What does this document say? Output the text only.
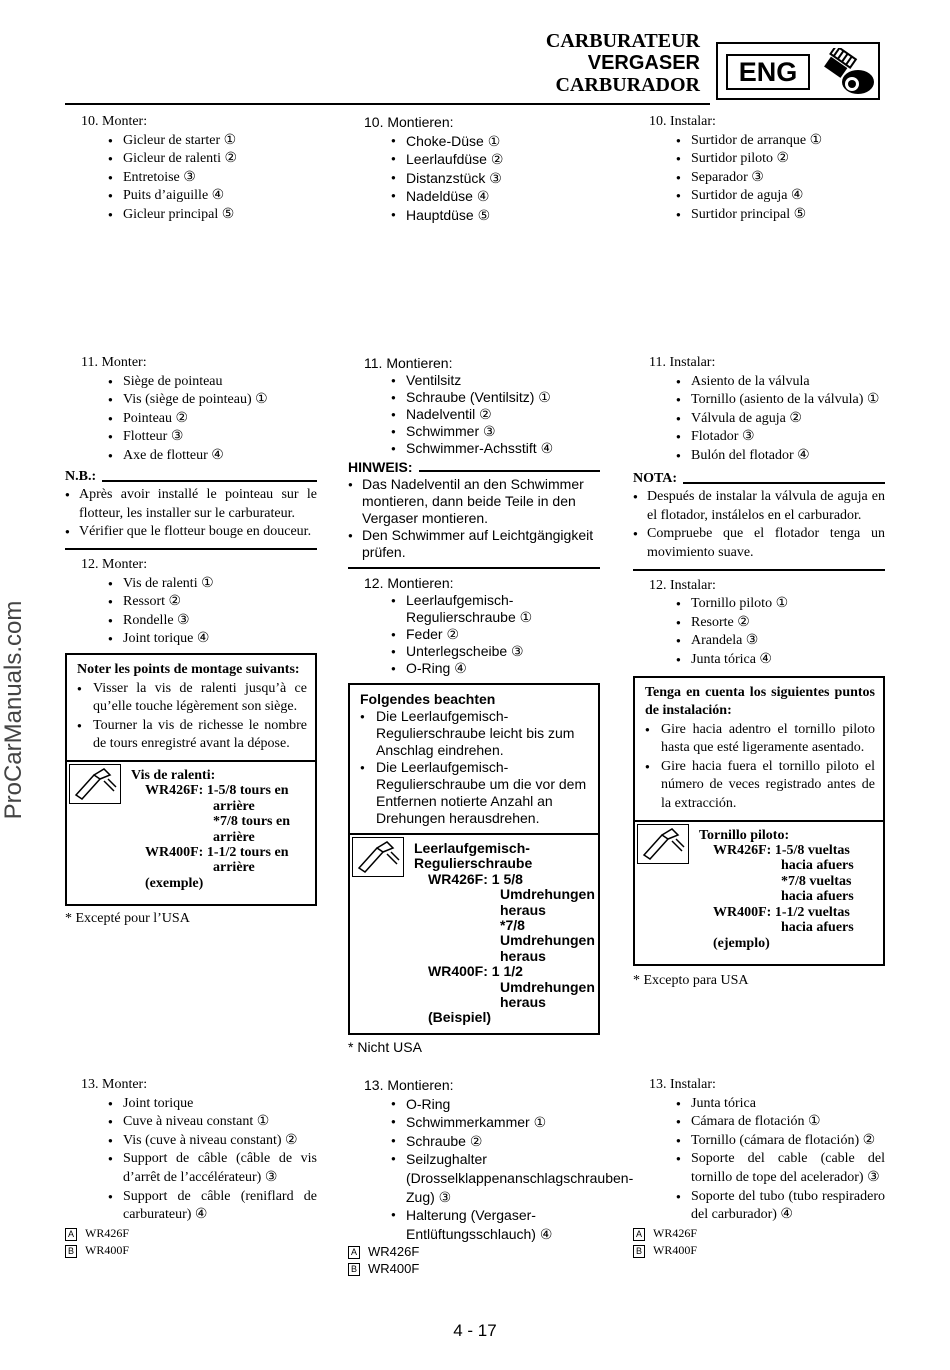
CARBURATEUR
VERGASER
CARBURADOR	ENG
ProCarManuals.com
10. Monter:
● Gicleur de starter ①
● Gicleur de ralenti ②
● Entretoise ③
● Puits d’aiguille ④
● Gicleur principal ⑤
11. Monter:
● Siège de pointeau
● Vis (siège de pointeau) ①
● Pointeau ②
● Flotteur ③
● Axe de flotteur ④
N.B.:
● Après avoir installé le pointeau sur le flotteur, les installer sur le carburateur.
● Vérifier que le flotteur bouge en douceur.
12. Monter:
● Vis de ralenti ①
● Ressort ②
● Rondelle ③
● Joint torique ④
Noter les points de montage suivants:
● Visser la vis de ralenti jusqu’à ce qu’elle touche légèrement son siège.
● Tourner la vis de richesse le nombre de tours enregistré avant la dépose.
Vis de ralenti:
WR426F: 1-5/8 tours en
arrière
*7/8 tours en
arrière
WR400F: 1-1/2 tours en
arrière
(exemple)
* Excepté pour l’USA
13. Monter:
● Joint torique
● Cuve à niveau constant ①
● Vis (cuve à niveau constant) ②
● Support de câble (câble de vis d’arrêt de l’accélérateur) ③
● Support de câble (reniflard de carburateur) ④
A WR426F
B WR400F
10. Montieren:
● Choke-Düse ①
● Leerlaufdüse ②
● Distanzstück ③
● Nadeldüse ④
● Hauptdüse ⑤
11. Montieren:
● Ventilsitz
● Schraube (Ventilsitz) ①
● Nadelventil ②
● Schwimmer ③
● Schwimmer-Achsstift ④
HINWEIS:
● Das Nadelventil an den Schwimmer montieren, dann beide Teile in den Vergaser montieren.
● Den Schwimmer auf Leichtgängigkeit prüfen.
12. Montieren:
● Leerlaufgemisch-Regulierschraube ①
● Feder ②
● Unterlegscheibe ③
● O-Ring ④
Folgendes beachten
● Die Leerlaufgemisch-Regulierschraube leicht bis zum Anschlag eindrehen.
● Die Leerlaufgemisch-Regulierschraube um die vor dem Entfernen notierte Anzahl an Drehungen herausdrehen.
Leerlaufgemisch-Regulierschraube
WR426F: 1 5/8
Umdrehungen heraus
*7/8 Umdrehungen heraus
WR400F: 1 1/2
Umdrehungen heraus
(Beispiel)
* Nicht USA
13. Montieren:
● O-Ring
● Schwimmerkammer ①
● Schraube ②
● Seilzughalter (Drosselklappenanschlagschrauben-Zug) ③
● Halterung (Vergaser-Entlüftungsschlauch) ④
A WR426F
B WR400F
10. Instalar:
● Surtidor de arranque ①
● Surtidor piloto ②
● Separador ③
● Surtidor de aguja ④
● Surtidor principal ⑤
11. Instalar:
● Asiento de la válvula
● Tornillo (asiento de la válvula) ①
● Válvula de aguja ②
● Flotador ③
● Bulón del flotador ④
NOTA:
● Después de instalar la válvula de aguja en el flotador, instálelos en el carburador.
● Compruebe que el flotador tenga un movimiento suave.
12. Instalar:
● Tornillo piloto ①
● Resorte ②
● Arandela ③
● Junta tórica ④
Tenga en cuenta los siguientes puntos de instalación:
● Gire hacia adentro el tornillo piloto hasta que esté ligeramente asentado.
● Gire hacia fuera el tornillo piloto el número de veces registrado antes de la extracción.
Tornillo piloto:
WR426F: 1-5/8 vueltas
hacia afuers
*7/8 vueltas
hacia afuers
WR400F: 1-1/2 vueltas
hacia afuers
(ejemplo)
* Excepto para USA
13. Instalar:
● Junta tórica
● Cámara de flotación ①
● Tornillo (cámara de flotación) ②
● Soporte del cable (cable del tornillo de tope del acelerador) ③
● Soporte del tubo (tubo respiradero del carburador) ④
A WR426F
B WR400F
4 - 17
